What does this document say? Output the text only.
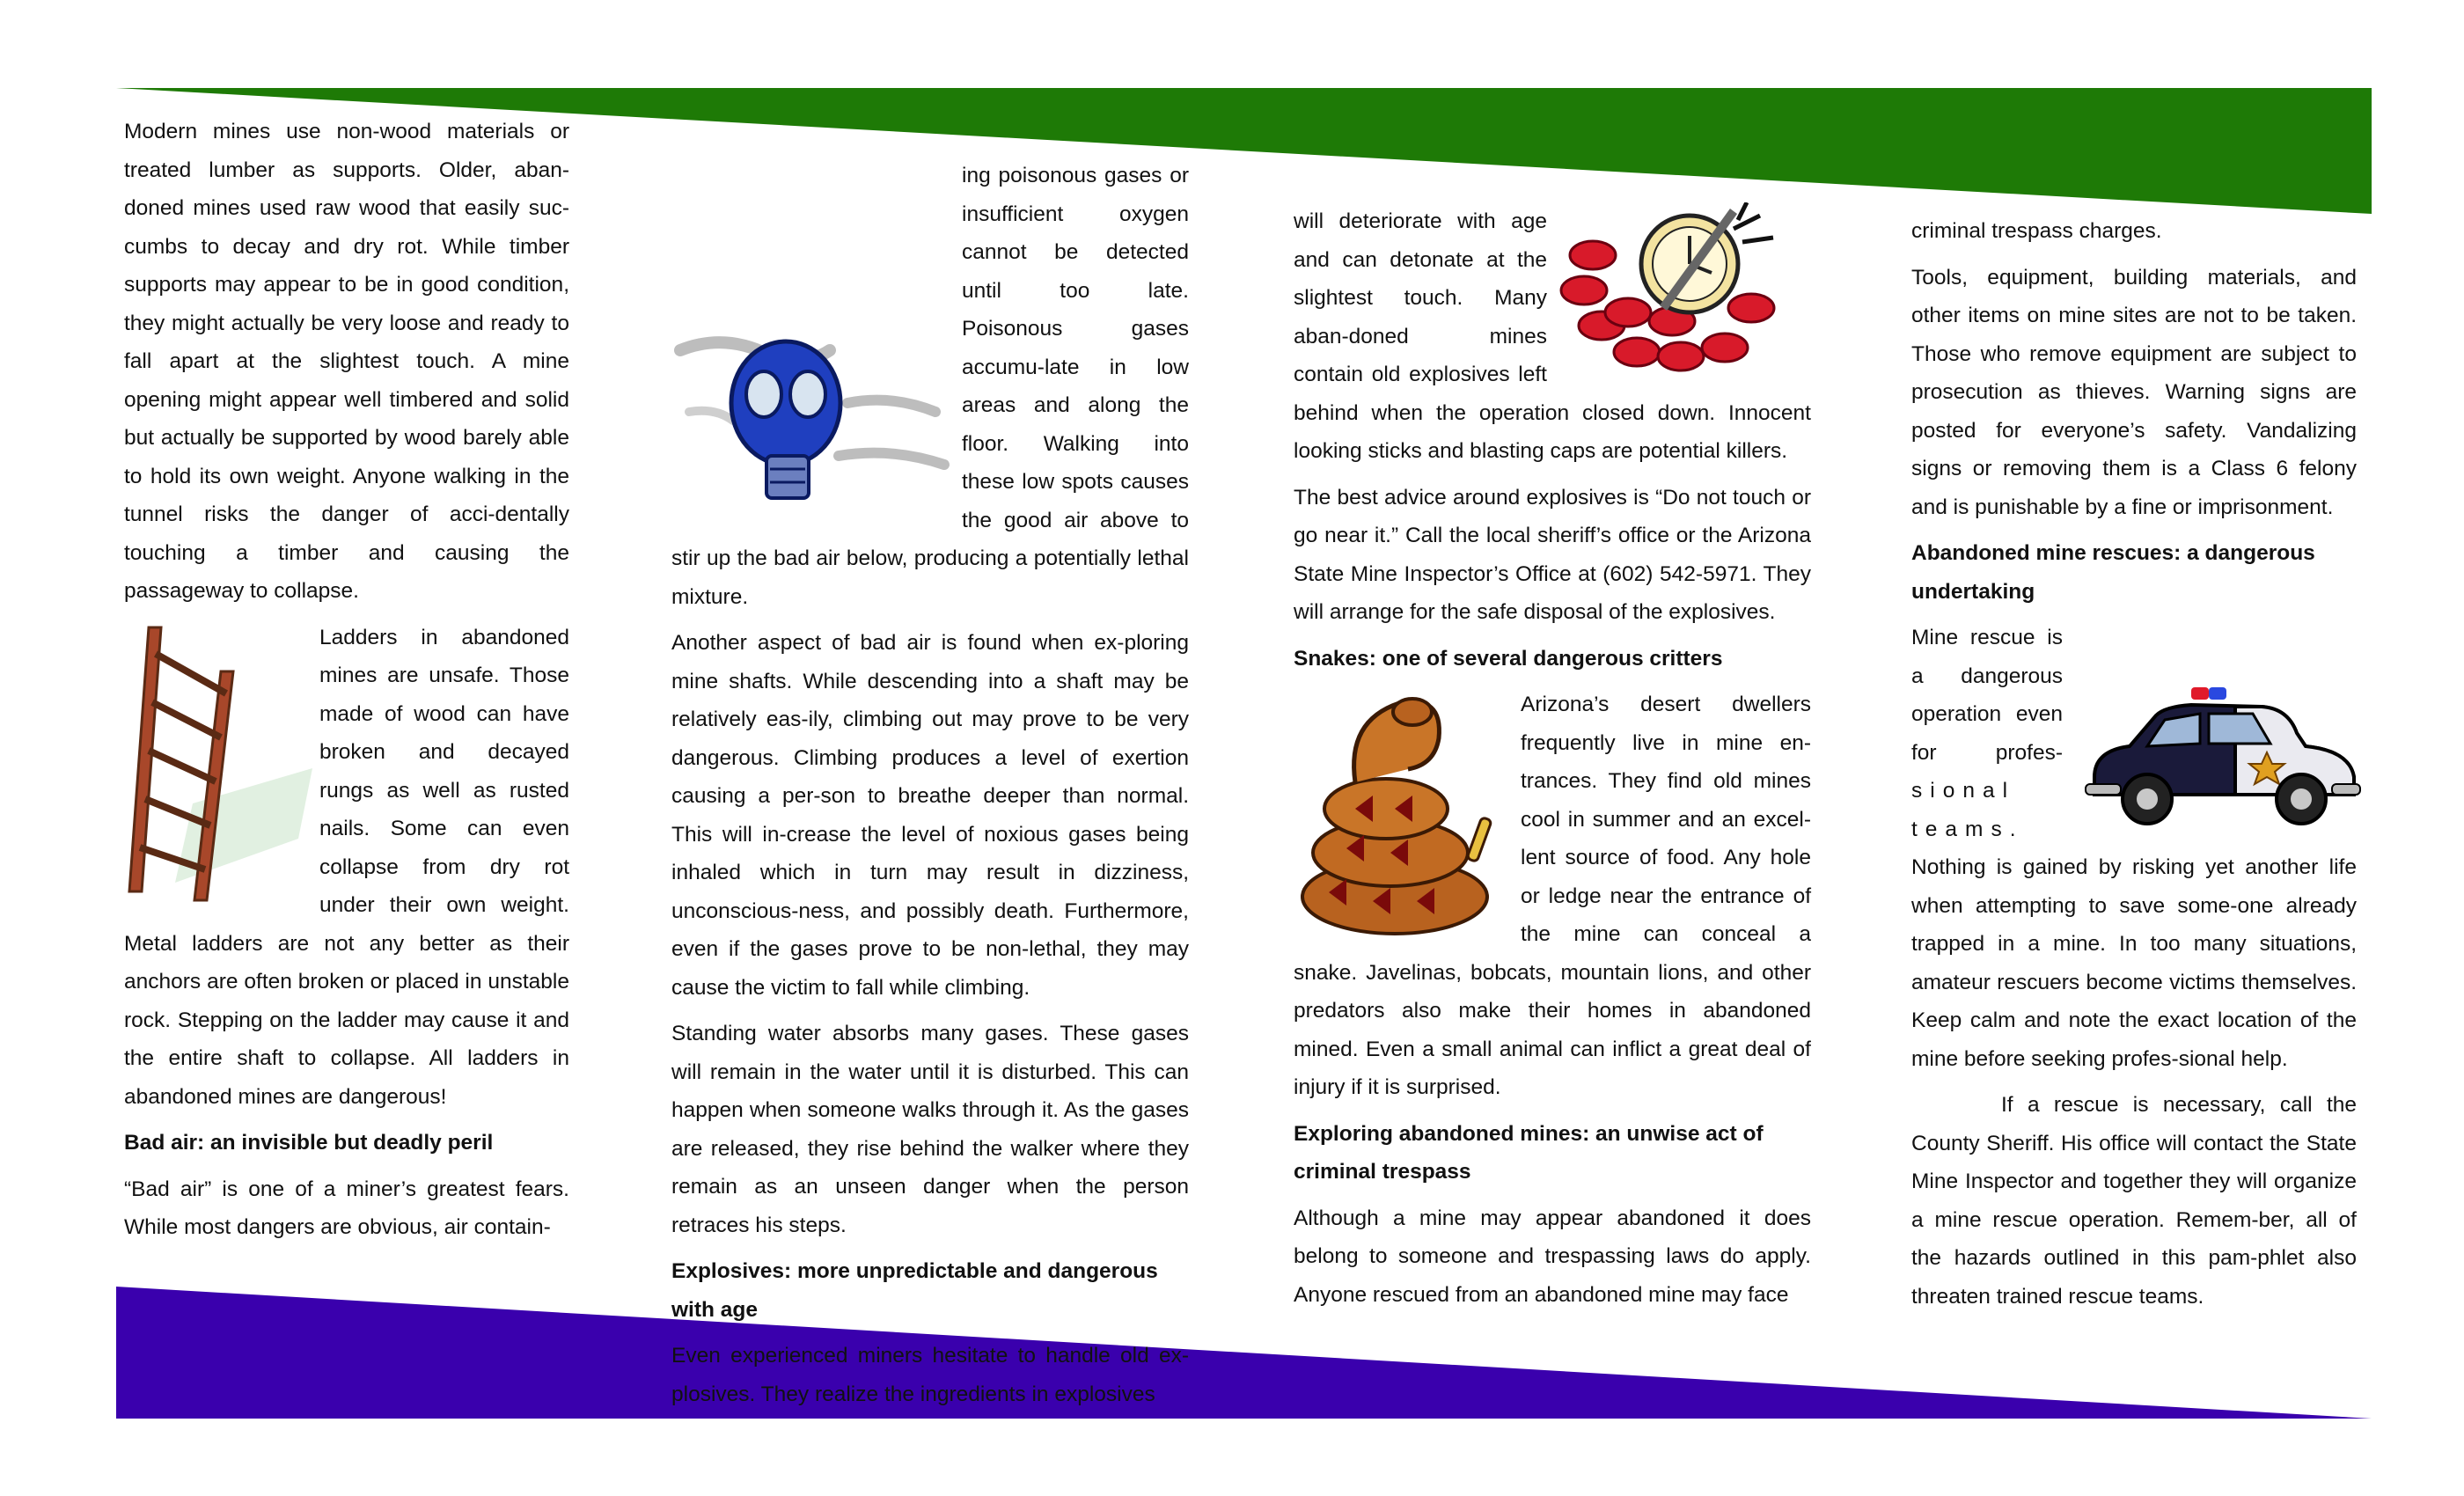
Modern mines use non-wood materials or treated lumber as supports. Older, aban-doned mines used raw wood that easily suc-cumbs to decay and dry rot. While timber supports may appear to be in good condition, they might actually be very loose and ready to fall apart at the slightest touch. A mine opening might appear well timbered and solid but actually be supported by wood barely able to hold its own weight. Anyone walking in the tunnel risks the danger of acci-dentally touching a timber and causing the passageway to collapse.

Ladders in abandoned mines are unsafe. Those made of wood can have broken and decayed rungs as well as rusted nails. Some can even collapse from dry rot under their own weight. Metal ladders are not any better as their anchors are often broken or placed in unstable rock. Stepping on the ladder may cause it and the entire shaft to collapse. All ladders in abandoned mines are dangerous!

Bad air: an invisible but deadly peril

“Bad air” is one of a miner’s greatest fears. While most dangers are obvious, air contain-

ing poisonous gases or insufficient oxygen cannot be detected until too late. Poisonous gases accumu-late in low areas and along the floor. Walking into these low spots causes the good air above to stir up the bad air below, producing a potentially lethal mixture.

Another aspect of bad air is found when ex-ploring mine shafts. While descending into a shaft may be relatively eas-ily, climbing out may prove to be very dangerous. Climbing produces a level of exertion causing a per-son to breathe deeper than normal. This will in-crease the level of noxious gases being inhaled which in turn may result in dizziness, unconscious-ness, and possibly death. Furthermore, even if the gases prove to be non-lethal, they may cause the victim to fall while climbing.

Standing water absorbs many gases. These gases will remain in the water until it is disturbed. This can happen when someone walks through it. As the gases are released, they rise behind the walker where they remain as an unseen danger when the person retraces his steps.

Explosives: more unpredictable and dangerous with age

Even experienced miners hesitate to handle old ex-plosives. They realize the ingredients in explosives

will deteriorate with age and can detonate at the slightest touch. Many aban-doned mines contain old explosives left behind when the operation closed down. Innocent looking sticks and blasting caps are potential killers.

The best advice around explosives is “Do not touch or go near it.” Call the local sheriff’s office or the Arizona State Mine Inspector’s Office at (602) 542-5971. They will arrange for the safe disposal of the explosives.

Snakes: one of several dangerous critters

Arizona’s desert dwellers frequently live in mine en-trances. They find old mines cool in summer and an excel-lent source of food. Any hole or ledge near the entrance of the mine can conceal a snake. Javelinas, bobcats, mountain lions, and other predators also make their homes in abandoned mined. Even a small animal can inflict a great deal of injury if it is surprised.

Exploring abandoned mines: an unwise act of criminal trespass

Although a mine may appear abandoned it does belong to someone and trespassing laws do apply. Anyone rescued from an abandoned mine may face

criminal trespass charges.

Tools, equipment, building materials, and other items on mine sites are not to be taken. Those who remove equipment are subject to prosecution as thieves. Warning signs are posted for everyone’s safety. Vandalizing signs or removing them is a Class 6 felony and is punishable by a fine or imprisonment.

Abandoned mine rescues: a dangerous undertaking

Mine rescue is a dangerous operation even for profes- sional teams. Nothing is gained by risking yet another life when attempting to save some-one already trapped in a mine. In too many situations, amateur rescuers become victims themselves. Keep calm and note the exact location of the mine before seeking profes-sional help.

If a rescue is necessary, call the County Sheriff. His office will contact the State Mine Inspector and together they will organize a mine rescue operation. Remem-ber, all of the hazards outlined in this pam-phlet also threaten trained rescue teams.
